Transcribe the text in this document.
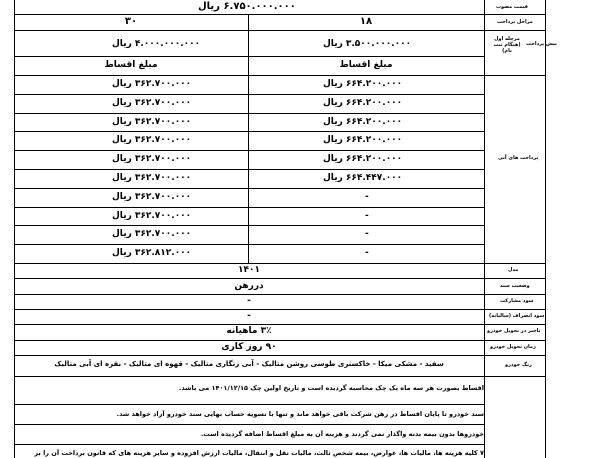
۶.۷۵۰.۰۰۰.۰۰۰ ریال	قیمت مصوب
۳۰	۱۸	مراحل پرداخت
۴.۰۰۰.۰۰۰.۰۰۰ ریال	۳.۵۰۰.۰۰۰.۰۰۰ ریال	پیش پرداخت
مرحله اول (هنگام ثبت نام)
مبلغ اقساط	مبلغ اقساط
۳۶۲.۷۰۰.۰۰۰ ریال	۶۶۴.۲۰۰.۰۰۰ ریال
۳۶۲.۷۰۰.۰۰۰ ریال	۶۶۴.۲۰۰.۰۰۰ ریال
۳۶۲.۷۰۰.۰۰۰ ریال	۶۶۴.۲۰۰.۰۰۰ ریال
۳۶۲.۷۰۰.۰۰۰ ریال	۶۶۴.۲۰۰.۰۰۰ ریال
۳۶۲.۷۰۰.۰۰۰ ریال	۶۶۴.۲۰۰.۰۰۰ ریال
۳۶۲.۷۰۰.۰۰۰ ریال	۶۶۴.۴۴۷.۰۰۰ ریال
۳۶۲.۷۰۰.۰۰۰ ریال	-
۳۶۲.۷۰۰.۰۰۰ ریال	-
۳۶۲.۷۰۰.۰۰۰ ریال	-
۳۶۲.۸۱۲.۰۰۰ ریال	-
پرداخت های آتی
۱۴۰۱	مدل
دررهن	وضعیت سند
-	سود مشارکت
-	سود انصراف (سالیانه)
۳٪ ماهیانه	تاخیر در تحویل خودرو
۹۰ روز کاری	زمان تحویل خودرو
سفید - مشکی میکا - خاکستری طوسی روشن متالیک - آبی زنگاری متالیک - قهوه ای متالیک - نقره ای آبی متالیک	رنگ خودرو
اقساط بصورت هر سه ماه یک چک محاسبه گردیده است و تاریخ اولین چک ۱۴۰۱/۱۲/۱۵ می باشد.
سند خودرو تا پایان اقساط در رهن شرکت باقی خواهد ماند و تنها با تسویه حساب نهایی سند خودرو آزاد خواهد شد.
خودروها بدون بیمه بدنه واگذار نمی گردند و هزینه آن به مبلغ اقساط اضافه گردیده است.
۷ کلیه هزینه ها، مالیات ها، عوارض، بیمه شخص ثالث، مالیات نقل و انتقال، مالیات ارزش افزوده و سایر هزینه های که قانون برداخت آن را بر
